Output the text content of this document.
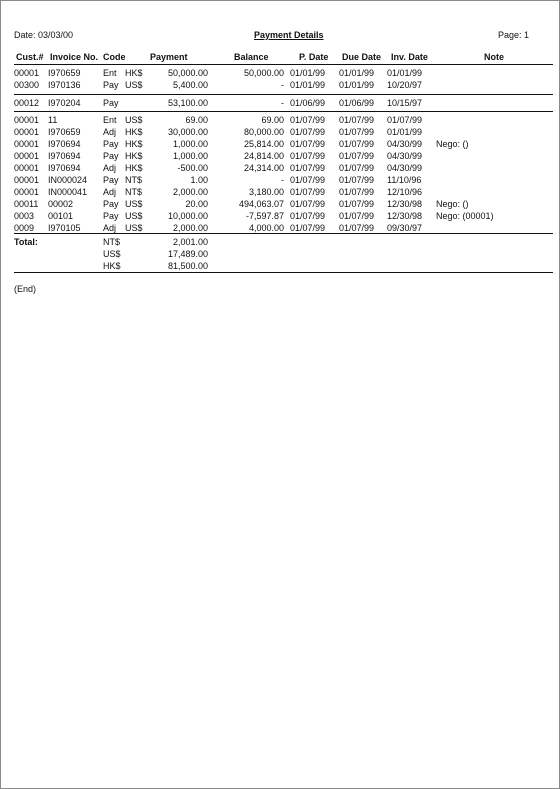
Date: 03/03/00	Payment Details	Page: 1
Cust.# Invoice No. Code	Payment	Balance	P. Date Due Date Inv. Date	Note
00001 I970659 Ent HK$	50,000.00	50,000.00 01/01/99 01/01/99 01/01/99
00300 I970136 Pay US$	5,400.00	- 01/01/99 01/01/99 10/20/97
00012 I970204 Pay	53,100.00	- 01/06/99 01/06/99 10/15/97
00001 11	Ent US$	69.00	69.00 01/07/99 01/07/99 01/07/99
00001 I970659 Adj HK$	30,000.00	80,000.00 01/07/99 01/07/99 01/01/99
00001 I970694 Pay HK$	1,000.00	25,814.00 01/07/99 01/07/99 04/30/99 Nego: ()
00001 I970694 Pay HK$	1,000.00	24,814.00 01/07/99 01/07/99 04/30/99
00001 I970694 Adj HK$	-500.00	24,314.00 01/07/99 01/07/99 04/30/99
00001 IN000024 Pay NT$	1.00	- 01/07/99 01/07/99 11/10/96
00001 IN000041 Adj NT$	2,000.00	3,180.00 01/07/99 01/07/99 12/10/96
00011 00002	Pay US$	20.00	494,063.07 01/07/99 01/07/99 12/30/98 Nego: ()
0003 00101	Pay US$	10,000.00	-7,597.87 01/07/99 01/07/99 12/30/98 Nego: (00001)
0009 I970105 Adj US$	2,000.00	4,000.00 01/07/99 01/07/99 09/30/97
Total:	NT$	2,001.00
US$	17,489.00
HK$	81,500.00
(End)
